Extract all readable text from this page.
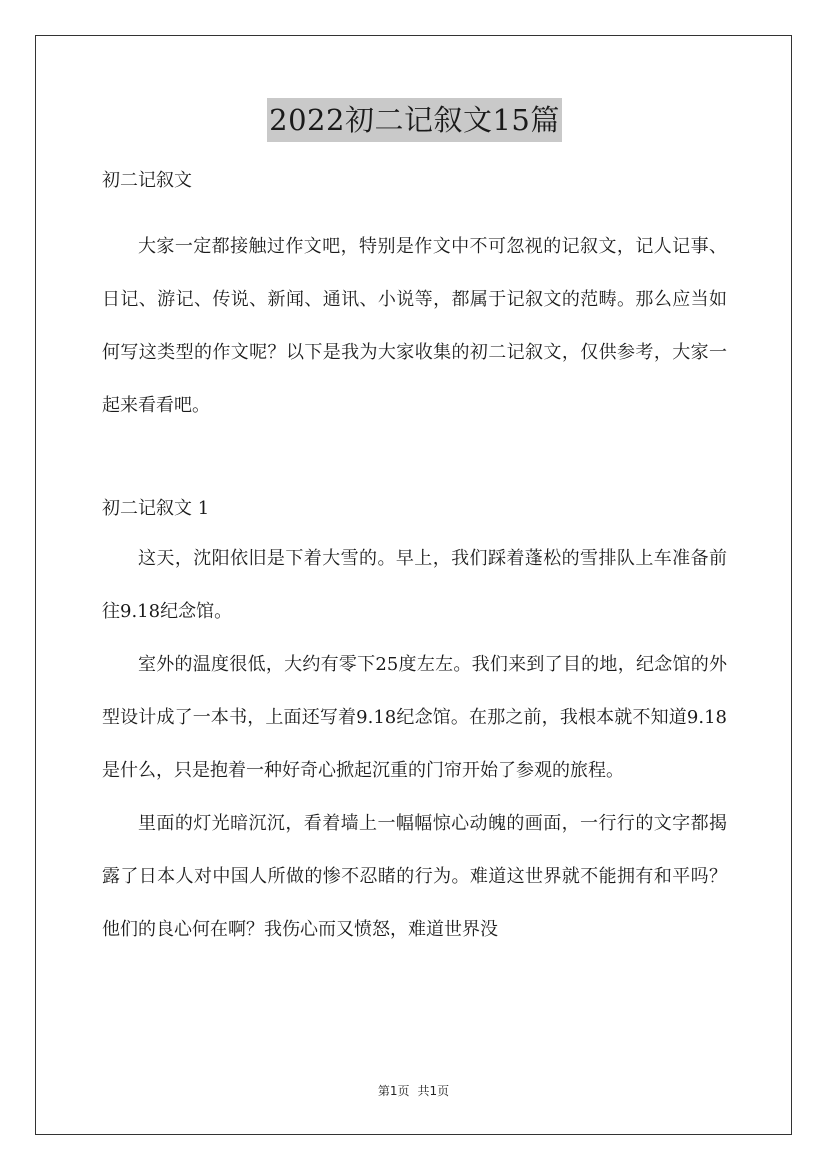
2022初二记叙文15篇
初二记叙文

大家一定都接触过作文吧，特别是作文中不可忽视的记叙文，记人记事、日记、游记、传说、新闻、通讯、小说等，都属于记叙文的范畴。那么应当如何写这类型的作文呢？以下是我为大家收集的初二记叙文，仅供参考，大家一起来看看吧。

初二记叙文 1

这天，沈阳依旧是下着大雪的。早上，我们踩着蓬松的雪排队上车准备前往9.18纪念馆。

室外的温度很低，大约有零下25度左左。我们来到了目的地，纪念馆的外型设计成了一本书，上面还写着9.18纪念馆。在那之前，我根本就不知道9.18是什么，只是抱着一种好奇心掀起沉重的门帘开始了参观的旅程。

里面的灯光暗沉沉，看着墙上一幅幅惊心动魄的画面，一行行的文字都揭露了日本人对中国人所做的惨不忍睹的行为。难道这世界就不能拥有和平吗？他们的良心何在啊？我伤心而又愤怒，难道世界没

第1页 共1页
